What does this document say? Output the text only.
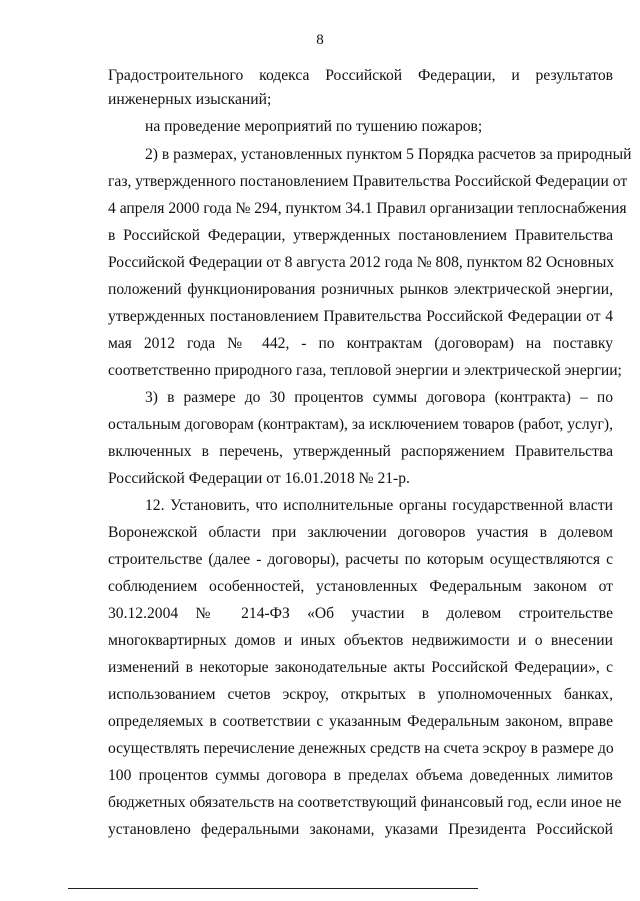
8
Градостроительного кодекса Российской Федерации, и результатов
инженерных изысканий;
на проведение мероприятий по тушению пожаров;
2) в размерах, установленных пунктом 5 Порядка расчетов за природный
газ, утвержденного постановлением Правительства Российской Федерации от
4 апреля 2000 года № 294, пунктом 34.1 Правил организации теплоснабжения
в Российской Федерации, утвержденных постановлением Правительства
Российской Федерации от 8 августа 2012 года № 808, пунктом 82 Основных
положений функционирования розничных рынков электрической энергии,
утвержденных постановлением Правительства Российской Федерации от 4
мая 2012 года № 442, - по контрактам (договорам) на поставку
соответственно природного газа, тепловой энергии и электрической энергии;
3) в размере до 30 процентов суммы договора (контракта) – по
остальным договорам (контрактам), за исключением товаров (работ, услуг),
включенных в перечень, утвержденный распоряжением Правительства
Российской Федерации от 16.01.2018 № 21-р.
12. Установить, что исполнительные органы государственной власти
Воронежской области при заключении договоров участия в долевом
строительстве (далее - договоры), расчеты по которым осуществляются с
соблюдением особенностей, установленных Федеральным законом от
30.12.2004 № 214-ФЗ «Об участии в долевом строительстве
многоквартирных домов и иных объектов недвижимости и о внесении
изменений в некоторые законодательные акты Российской Федерации», с
использованием счетов эскроу, открытых в уполномоченных банках,
определяемых в соответствии с указанным Федеральным законом, вправе
осуществлять перечисление денежных средств на счета эскроу в размере до
100 процентов суммы договора в пределах объема доведенных лимитов
бюджетных обязательств на соответствующий финансовый год, если иное не
установлено федеральными законами, указами Президента Российской
